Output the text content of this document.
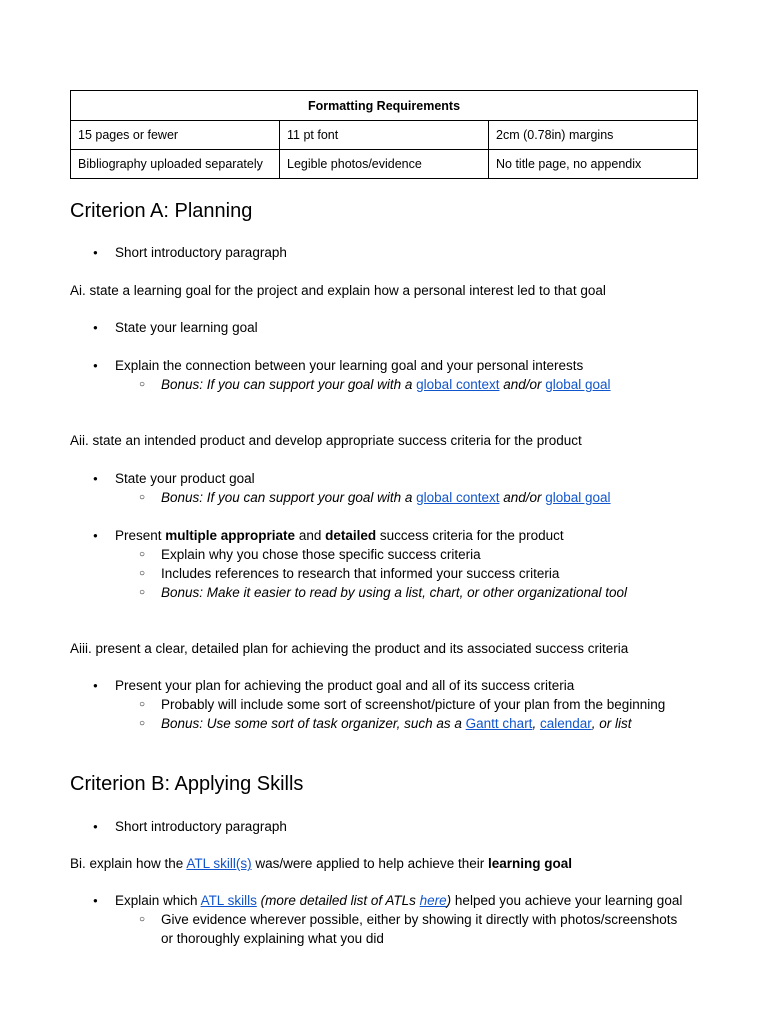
Formatting Requirements		
15 pages or fewer	11 pt font	2cm (0.78in) margins
Bibliography uploaded separately	Legible photos/evidence	No title page, no appendix
Criterion A: Planning
Short introductory paragraph
Ai. state a learning goal for the project and explain how a personal interest led to that goal
State your learning goal
Explain the connection between your learning goal and your personal interests
Bonus: If you can support your goal with a global context and/or global goal
Aii. state an intended product and develop appropriate success criteria for the product
State your product goal
Bonus: If you can support your goal with a global context and/or global goal
Present multiple appropriate and detailed success criteria for the product
Explain why you chose those specific success criteria
Includes references to research that informed your success criteria
Bonus: Make it easier to read by using a list, chart, or other organizational tool
Aiii. present a clear, detailed plan for achieving the product and its associated success criteria
Present your plan for achieving the product goal and all of its success criteria
Probably will include some sort of screenshot/picture of your plan from the beginning
Bonus: Use some sort of task organizer, such as a Gantt chart, calendar, or list
Criterion B: Applying Skills
Short introductory paragraph
Bi. explain how the ATL skill(s) was/were applied to help achieve their learning goal
Explain which ATL skills (more detailed list of ATLs here) helped you achieve your learning goal
Give evidence wherever possible, either by showing it directly with photos/screenshots
or thoroughly explaining what you did
